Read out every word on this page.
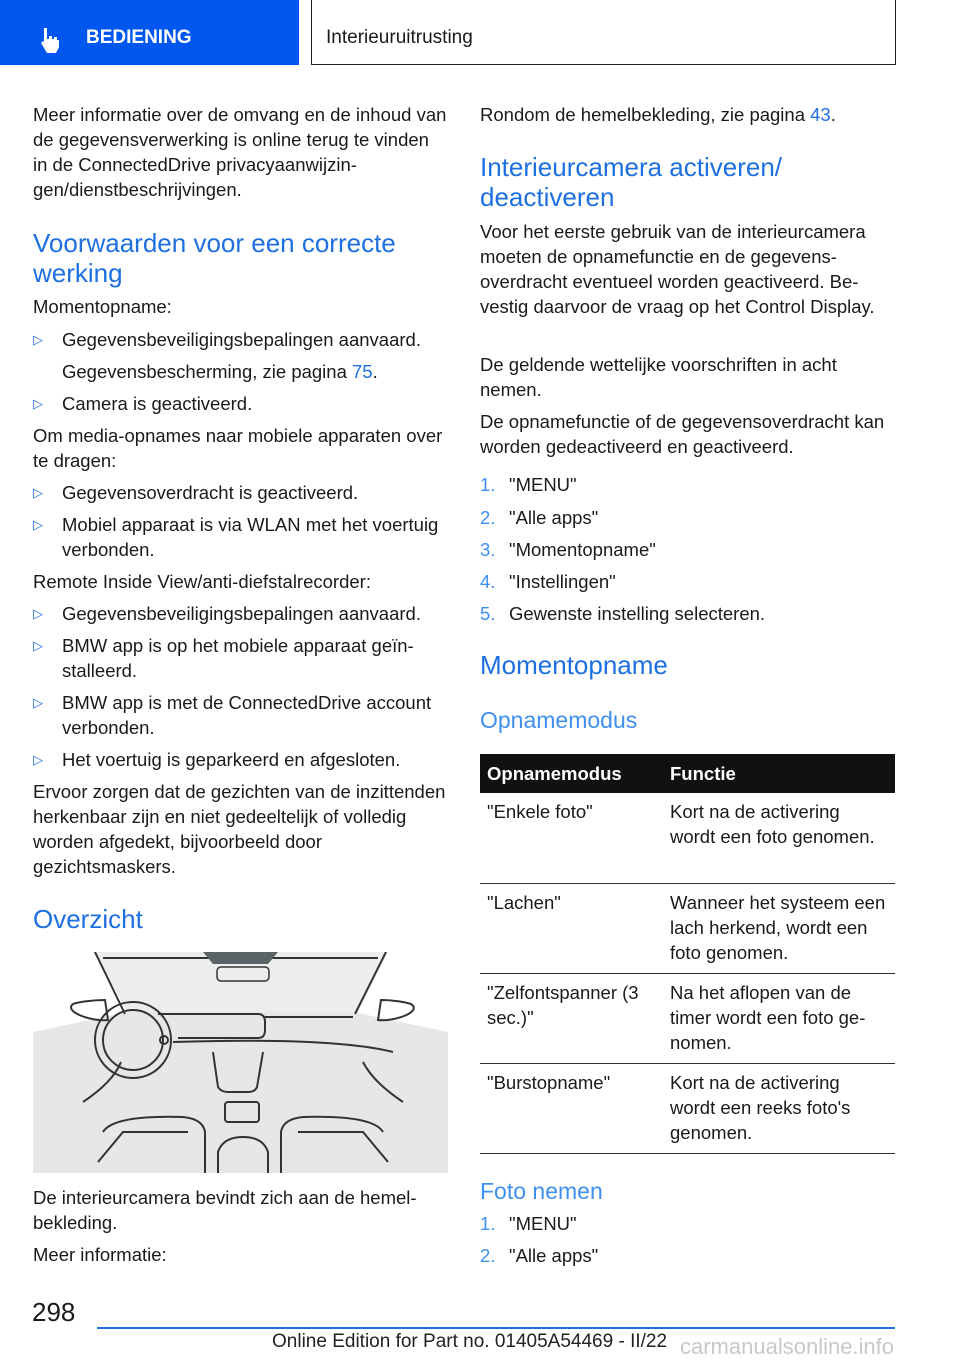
BEDIENING	Interieuruitrusting
Meer informatie over de omvang en de inhoud van de gegevensverwerking is online terug te vinden in de ConnectedDrive privacyaanwijzingen/dienstbeschrijvingen.
Voorwaarden voor een correcte werking
Momentopname:
▷ Gegevensbeveiligingsbepalingen aanvaard.
Gegevensbescherming, zie pagina 75.
▷ Camera is geactiveerd.
Om media-opnames naar mobiele apparaten over te dragen:
▷ Gegevensoverdracht is geactiveerd.
▷ Mobiel apparaat is via WLAN met het voertuig verbonden.
Remote Inside View/anti-diefstalrecorder:
▷ Gegevensbeveiligingsbepalingen aanvaard.
▷ BMW app is op het mobiele apparaat geïnstalleerd.
▷ BMW app is met de ConnectedDrive account verbonden.
▷ Het voertuig is geparkeerd en afgesloten.
Ervoor zorgen dat de gezichten van de inzittenden herkenbaar zijn en niet gedeeltelijk of volledig worden afgedekt, bijvoorbeeld door gezichtsmaskers.
Overzicht
De interieurcamera bevindt zich aan de hemelbekleding.
Meer informatie:
Rondom de hemelbekleding, zie pagina 43.
Interieurcamera activeren/ deactiveren
Voor het eerste gebruik van de interieurcamera moeten de opnamefunctie en de gegevensoverdracht eventueel worden geactiveerd. Bevestig daarvoor de vraag op het Control Display.
De geldende wettelijke voorschriften in acht nemen.
De opnamefunctie of de gegevensoverdracht kan worden gedeactiveerd en geactiveerd.
1. "MENU"
2. "Alle apps"
3. "Momentopname"
4. "Instellingen"
5. Gewenste instelling selecteren.
Momentopname
Opnamemodus
Opnamemodus	Functie
"Enkele foto"	Kort na de activering wordt een foto genomen.
"Lachen"	Wanneer het systeem een lach herkend, wordt een foto genomen.
"Zelfontspanner (3 sec.)"	Na het aflopen van de timer wordt een foto genomen.
"Burstopname"	Kort na de activering wordt een reeks foto's genomen.
Foto nemen
1. "MENU"
2. "Alle apps"
298
Online Edition for Part no. 01405A54469 - II/22 carmanualsonline.info
